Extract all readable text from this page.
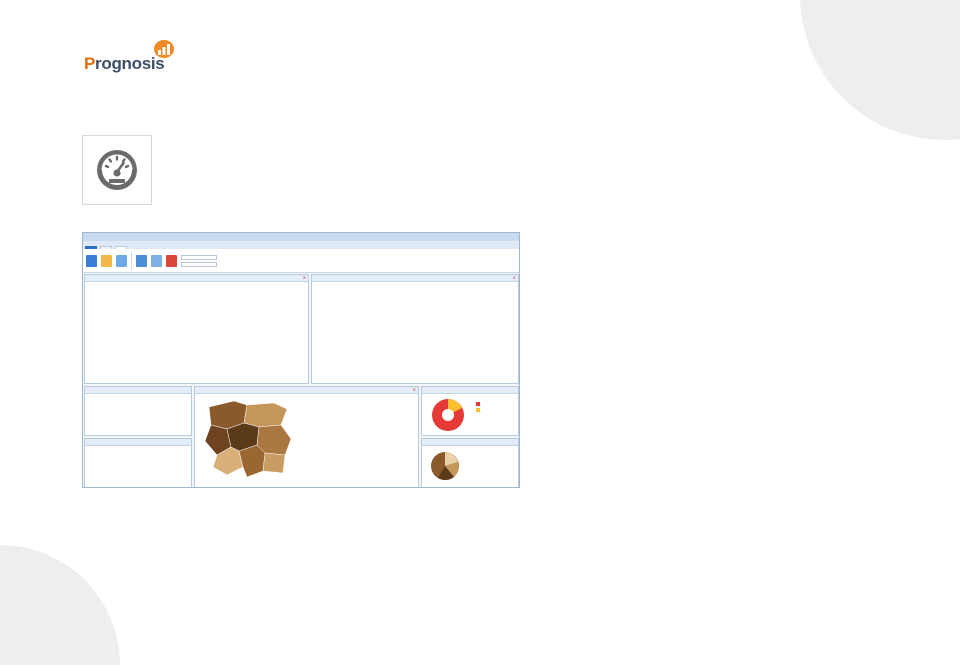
Prognosis
✕	✕
✕
